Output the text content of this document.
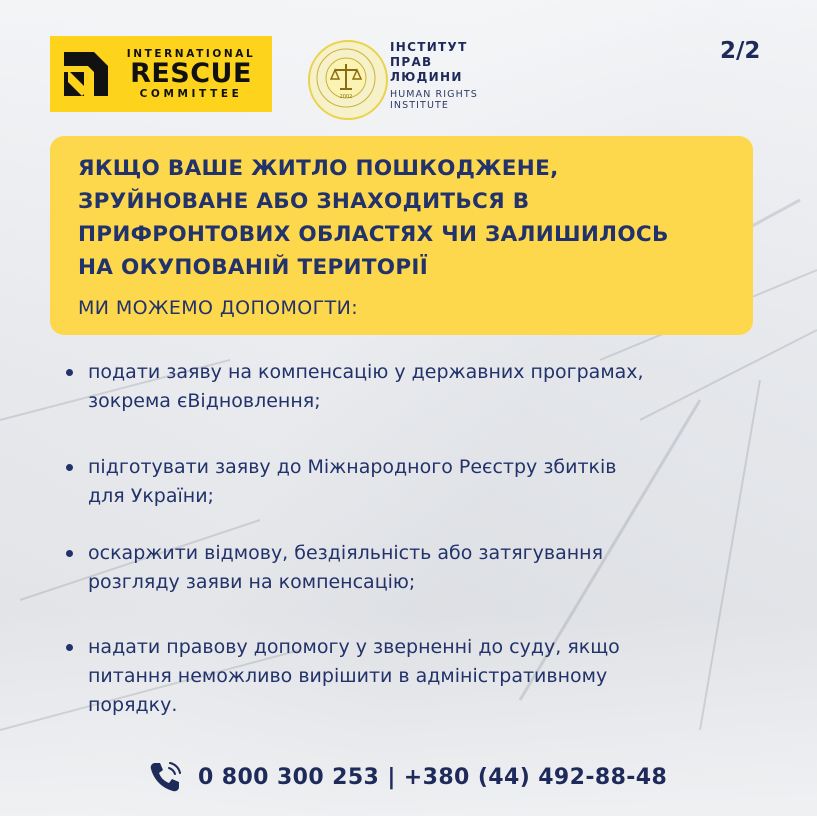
INTERNATIONAL
RESCUE
COMMITTEE	2002
ІНСТИТУТ
ПРАВ
ЛЮДИНИ
HUMAN RIGHTS
INSTITUTE
2/2
ЯКЩО ВАШЕ ЖИТЛО ПОШКОДЖЕНЕ,
ЗРУЙНОВАНЕ АБО ЗНАХОДИТЬСЯ В
ПРИФРОНТОВИХ ОБЛАСТЯХ ЧИ ЗАЛИШИЛОСЬ
НА ОКУПОВАНІЙ ТЕРИТОРІЇ
МИ МОЖЕМО ДОПОМОГТИ:
подати заяву на компенсацію у державних програмах,
зокрема єВідновлення;
підготувати заяву до Міжнародного Реєстру збитків
для України;
оскаржити відмову, бездіяльність або затягування
розгляду заяви на компенсацію;
надати правову допомогу у зверненні до суду, якщо
питання неможливо вирішити в адміністративному
порядку.
0 800 300 253 | +380 (44) 492-88-48
